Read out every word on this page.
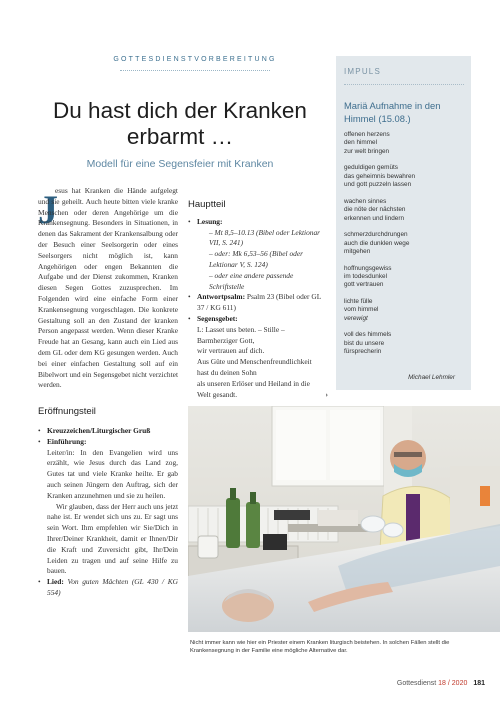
GOTTESDIENSTVORBEREITUNG
Du hast dich der Kranken
erbarmt …
Modell für eine Segensfeier mit Kranken
J

esus hat Kranken die Hände aufgelegt und sie geheilt. Auch heute bitten viele kranke Menschen oder deren Angehörige um die Krankensegnung. Besonders in Situationen, in denen das Sakrament der Krankensalbung oder der Besuch einer Seelsorgerin oder eines Seelsorgers nicht möglich ist, kann Angehörigen oder engen Bekannten die Aufgabe und der Dienst zukommen, Kranken diesen Segen Gottes zuzusprechen. Im Folgenden wird eine einfache Form einer Krankensegnung vorgeschlagen. Die konkrete Gestaltung soll an den Zustand der kranken Person angepasst werden. Wenn dieser Kranke Freude hat an Gesang, kann auch ein Lied aus dem GL oder dem KG gesungen werden. Auch bei einer einfachen Gestaltung soll auf ein Bibelwort und ein Segensgebet nicht verzichtet werden.

Eröffnungsteil
• Kreuzzeichen/Liturgischer Gruß
• Einführung:

Leiter/in: In den Evangelien wird uns erzählt, wie Jesus durch das Land zog, Gutes tat und viele Kranke heilte. Er gab auch seinen Jüngern den Auftrag, sich der Kranken anzunehmen und sie zu heilen.

Wir glauben, dass der Herr auch uns jetzt nahe ist. Er wendet sich uns zu. Er sagt uns sein Wort. Ihm empfehlen wir Sie/Dich in Ihrer/Deiner Krankheit, damit er Ihnen/Dir die Kraft und Zuversicht gibt, Ihr/Dein Leiden zu tragen und auf seine Hilfe zu bauen.

• Lied: Von guten Mächten (GL 430 / KG 554)
Hauptteil
• Lesung:
– Mt 8,5–10.13 (Bibel oder Lektionar VII, S. 241)
– oder: Mk 6,53–56 (Bibel oder Lektionar V, S. 124)
– oder eine andere passende Schriftstelle
• Antwortpsalm: Psalm 23 (Bibel oder GL 37 / KG 611)
• Segensgebet:
L: Lasset uns beten. – Stille –
Barmherziger Gott,
wir vertrauen auf dich.
Aus Güte und Menschenfreundlichkeit
hast du deinen Sohn
als unseren Erlöser und Heiland in die
Welt gesandt.	›
IMPULS
Mariä Aufnahme in den Himmel (15.08.)
offenen herzens
den himmel
zur welt bringen
geduldigen gemüts
das geheimnis bewahren
und gott puzzeln lassen
wachen sinnes
die nöte der nächsten
erkennen und lindern
schmerzdurchdrungen
auch die dunklen wege
mitgehen
hoffnungsgewiss
im todesdunkel
gott vertrauen
lichte fülle
vom himmel
verewigt
voll des himmels
bist du unsere
fürsprecherin
Michael Lehmler
Nicht immer kann wie hier ein Priester einem Kranken liturgisch beistehen. In solchen Fällen stellt die Krankensegnung in der Familie eine mögliche Alternative dar.
Gottesdienst 18 / 2020 181
